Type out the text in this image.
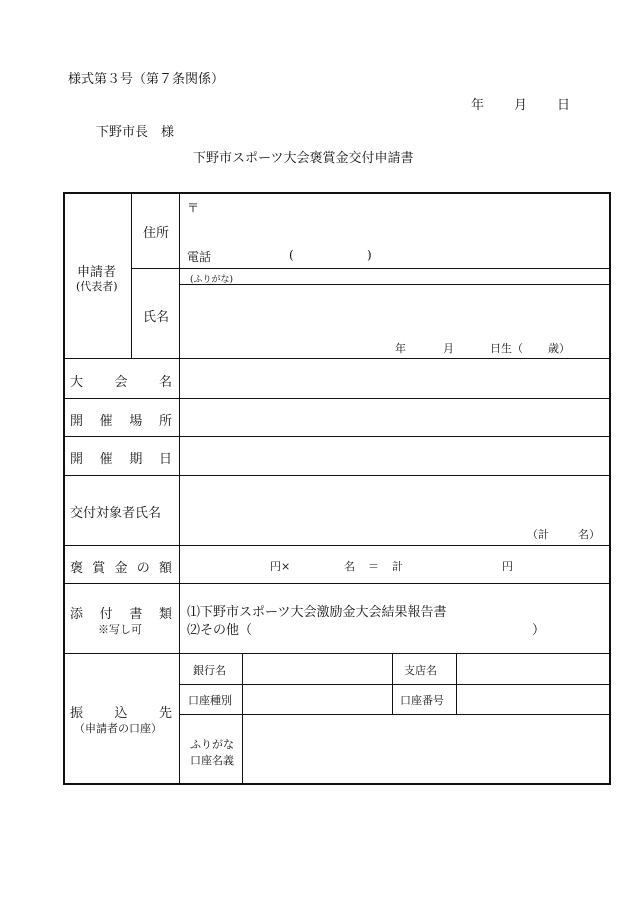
様式第３号（第７条関係）
年 月 日
下野市長　様
下野市スポーツ大会褒賞金交付申請書
申請者
(代表者)
住所
〒
電話	(	)
(ふりがな)
氏名
年	月	日生（ 歳）
大 会 名
開 催 場 所
開 催 期 日
交付対象者氏名
（計	名）
褒 賞 金 の 額	円×	名 ＝ 計	円
添 付 書 類
※写し可
⑴下野市スポーツ大会激励金大会結果報告書
⑵その他（	）
振 込 先
（申請者の口座）
銀行名	支店名
口座種別	口座番号
ふりがな
口座名義
